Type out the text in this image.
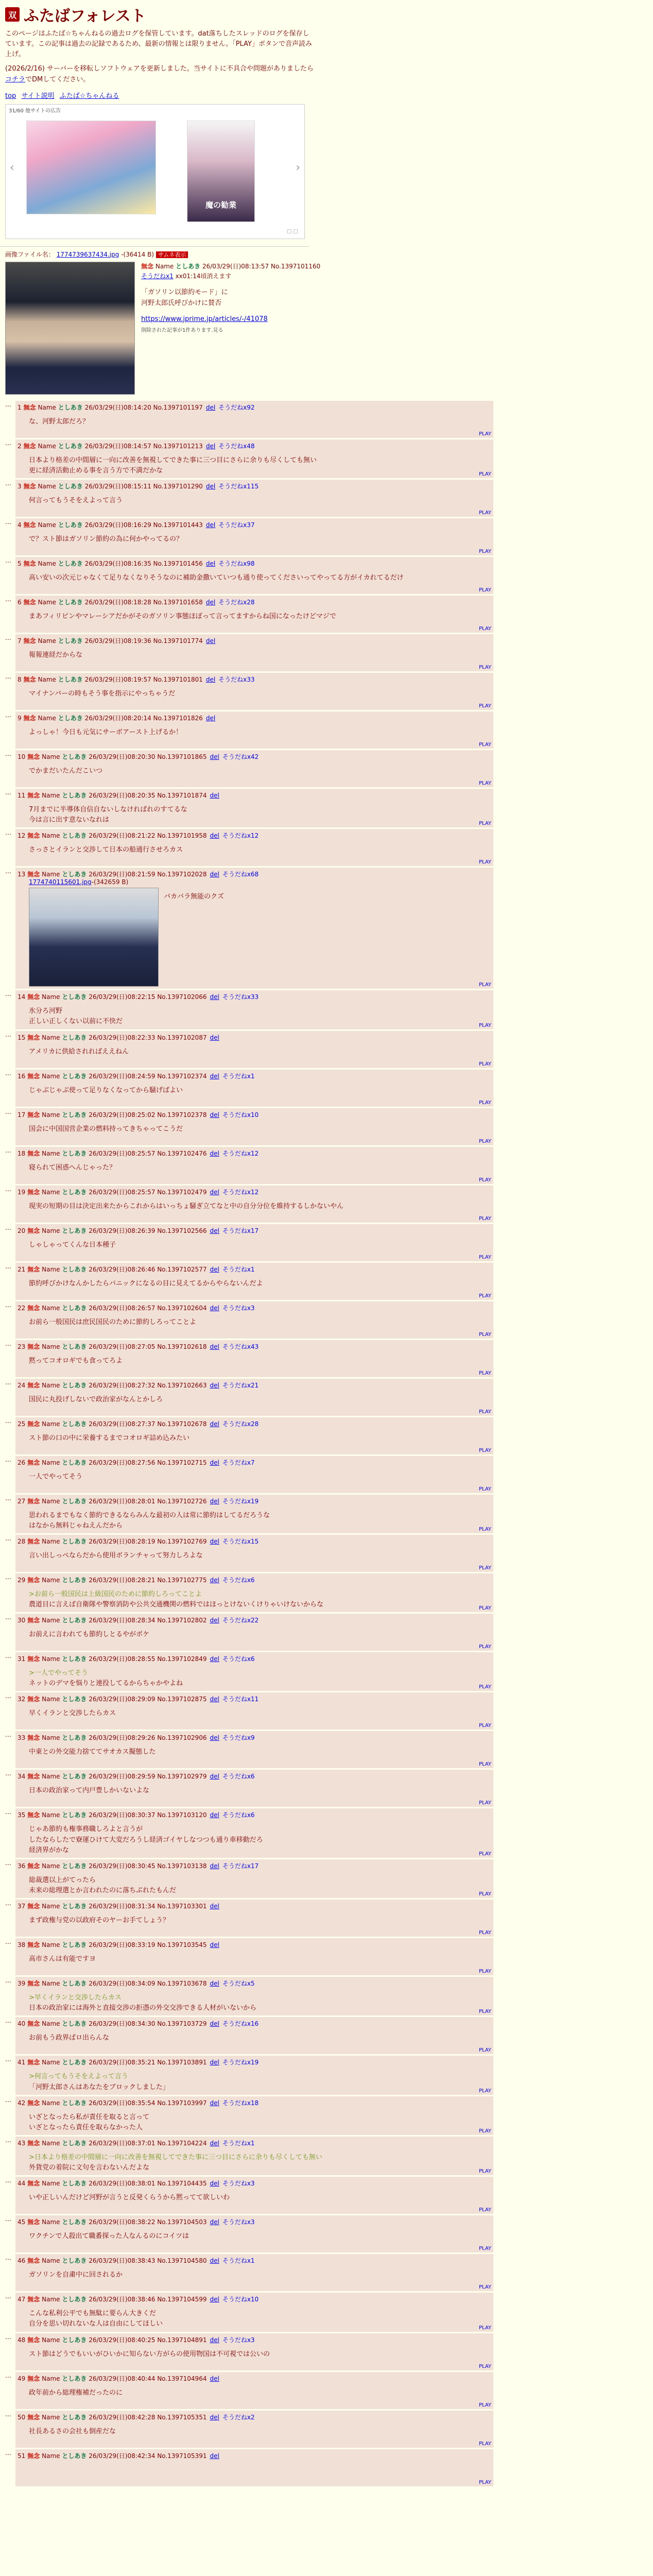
双 ふたばフォレスト
このページはふたば☆ちゃんねるの過去ログを保管しています。dat落ちしたスレッドのログを保存しています。この記事は過去の記録であるため、最新の情報とは限りません。「PLAY」ボタンで音声読み上げ。
(2026/2/16) サーバーを移転しソフトウェアを更新しました。当サイトに不具合や問題がありましたらコチラでDMしてください。
top サイト説明 ふたば☆ちゃんねる
31/60 他サイトの広告
魔の勧業
‹	›
□ □
画像ファイル名： 1774739637434.jpg -(36414 B) サムネ表示
無念 Name としあき 26/03/29(日)08:13:57 No.1397101160
そうだねx1 xx01:14頃消えます
「ガソリン以節約モード」に
河野太郎氏呼びかけに賛否
https://www.jprime.jp/articles/-/41078
削除された記事が1件あります.見る
…	1 無念 Name としあき 26/03/29(日)08:14:20 No.1397101197 del そうだねx92
な、河野太郎だろ？
PLAY
…	2 無念 Name としあき 26/03/29(日)08:14:57 No.1397101213 del そうだねx48
日本より格差の中間層に一向に改善を無視してできた事に三つ目にさらに余りも尽くしても無い
更に経済活動止める事を言う方で不満だかな	PLAY
…	3 無念 Name としあき 26/03/29(日)08:15:11 No.1397101290 del そうだねx115
何言ってもうそをえよって言う
PLAY
…	4 無念 Name としあき 26/03/29(日)08:16:29 No.1397101443 del そうだねx37
で？スト節はガソリン節約の為に何かやってるの？
PLAY
…	5 無念 Name としあき 26/03/29(日)08:16:35 No.1397101456 del そうだねx98
高い安いの次元じゃなくて足りなくなりそうなのに補助金撒いていつも通り使ってくださいってやってる方がイカれてるだけ
PLAY
…	6 無念 Name としあき 26/03/29(日)08:18:28 No.1397101658 del そうだねx28
まあフィリピンやマレーシアだかがそのガソリン事態ほぼって言ってますからね国になったけどマジで
PLAY
…	7 無念 Name としあき 26/03/29(日)08:19:36 No.1397101774 del
報報連経だからな
PLAY
…	8 無念 Name としあき 26/03/29(日)08:19:57 No.1397101801 del そうだねx33
マイナンバーの時もそう事を指示にやっちゃうだ
PLAY
…	9 無念 Name としあき 26/03/29(日)08:20:14 No.1397101826 del
よっしゃ！今日も元気にサーボアースト上げるか！
PLAY
…	10 無念 Name としあき 26/03/29(日)08:20:30 No.1397101865 del そうだねx42
でかまだいたんだこいつ
PLAY
…	11 無念 Name としあき 26/03/29(日)08:20:35 No.1397101874 del
7月までに半導体自信自ないしなければれのすてるな
今は言に出す意ないなれは	PLAY
…	12 無念 Name としあき 26/03/29(日)08:21:22 No.1397101958 del そうだねx12
さっさとイランと交渉して日本の船通行させろカス
PLAY
…	13 無念 Name としあき 26/03/29(日)08:21:59 No.1397102028 del そうだねx68
1774740115601.jpg-(342659 B)
バカバラ無能のクズ
PLAY
…	14 無念 Name としあき 26/03/29(日)08:22:15 No.1397102066 del そうだねx33
氷分ろ河野
正しい正しくない以前に不快だ	PLAY
…	15 無念 Name としあき 26/03/29(日)08:22:33 No.1397102087 del
アメリカに供給されればええねん
PLAY
…	16 無念 Name としあき 26/03/29(日)08:24:59 No.1397102374 del そうだねx1
じゃぶじゃぶ使って足りなくなってから騒げばよい
PLAY
…	17 無念 Name としあき 26/03/29(日)08:25:02 No.1397102378 del そうだねx10
国会に中国国営企業の燃料持ってきちゃってこうだ
PLAY
…	18 無念 Name としあき 26/03/29(日)08:25:57 No.1397102476 del そうだねx12
寝られて困惑へんじゃった？
PLAY
…	19 無念 Name としあき 26/03/29(日)08:25:57 No.1397102479 del そうだねx12
現実の短期の目は決定出来たからこれからはいっちょ騒ぎ立てなと中の自分分位を維持するしかないやん
PLAY
…	20 無念 Name としあき 26/03/29(日)08:26:39 No.1397102566 del そうだねx17
しゃしゃってくんな日本種子
PLAY
…	21 無念 Name としあき 26/03/29(日)08:26:46 No.1397102577 del そうだねx1
節約呼びかけなんかしたらパニックになるの目に見えてるからやらないんだよ
PLAY
…	22 無念 Name としあき 26/03/29(日)08:26:57 No.1397102604 del そうだねx3
お前ら一般国民は庶民国民のために節約しろってことよ
PLAY
…	23 無念 Name としあき 26/03/29(日)08:27:05 No.1397102618 del そうだねx43
黙ってコオロギでも食ってろよ
PLAY
…	24 無念 Name としあき 26/03/29(日)08:27:32 No.1397102663 del そうだねx21
国民に丸投げしないで政治家がなんとかしろ
PLAY
…	25 無念 Name としあき 26/03/29(日)08:27:37 No.1397102678 del そうだねx28
スト節の口の中に栄養するまでコオロギ詰め込みたい
PLAY
…	26 無念 Name としあき 26/03/29(日)08:27:56 No.1397102715 del そうだねx7
一人でやってそう
PLAY
…	27 無念 Name としあき 26/03/29(日)08:28:01 No.1397102726 del そうだねx19
思われるまでもなく節約できるならみんな最初の人は常に節約はしてるだろうな
はなから無料じゃねえんだから	PLAY
…	28 無念 Name としあき 26/03/29(日)08:28:19 No.1397102769 del そうだねx15
言い出しっぺならだから使用ボランチャって努力しろよな
PLAY
…	29 無念 Name としあき 26/03/29(日)08:28:21 No.1397102775 del そうだねx6
>お前ら一般国民は上級国民のために節約しろってことよ
農道目に言えば自衛隊や警察消防や公共交通機関の燃料ではほっとけないくけりゃいけないからな	PLAY
…	30 無念 Name としあき 26/03/29(日)08:28:34 No.1397102802 del そうだねx22
お前えに言われても節約しとるやがボケ
PLAY
…	31 無念 Name としあき 26/03/29(日)08:28:55 No.1397102849 del そうだねx6
>一人でやってそう
ネットのデマを悩りと連投してるからちゃかやよね	PLAY
…	32 無念 Name としあき 26/03/29(日)08:29:09 No.1397102875 del そうだねx11
早くイランと交渉したらカス
PLAY
…	33 無念 Name としあき 26/03/29(日)08:29:26 No.1397102906 del そうだねx9
中東との外交能力捨ててサオカス擬態した
PLAY
…	34 無念 Name としあき 26/03/29(日)08:29:59 No.1397102979 del そうだねx6
日本の政治家って内戸豊しかいないよな
PLAY
…	35 無念 Name としあき 26/03/29(日)08:30:37 No.1397103120 del そうだねx6
じゃあ節約も権事務職しろよと言うが
したならしたで寮運ひけて大変だろうし経済ゴイヤしなつつも通り車移動だろ
経済界がかな	PLAY
…	36 無念 Name としあき 26/03/29(日)08:30:45 No.1397103138 del そうだねx17
総裁選以上がてったら
未来の総理選とか言われたのに落ちぶれたもんだ	PLAY
…	37 無念 Name としあき 26/03/29(日)08:31:34 No.1397103301 del
まず政権与党の以政府そのヤーお手てしょう？
PLAY
…	38 無念 Name としあき 26/03/29(日)08:33:19 No.1397103545 del
高市さんは有能ですヨ
PLAY
…	39 無念 Name としあき 26/03/29(日)08:34:09 No.1397103678 del そうだねx5
>早くイランと交渉したらカス
日本の政治家には海外と直接交渉の拒憑の外交交渉できる人材がいないから	PLAY
…	40 無念 Name としあき 26/03/29(日)08:34:30 No.1397103729 del そうだねx16
お前もう政界ばロ出らんな
PLAY
…	41 無念 Name としあき 26/03/29(日)08:35:21 No.1397103891 del そうだねx19
>何言ってもうそをえよって言う
「河野太郎さんはあなたをブロックしました」	PLAY
…	42 無念 Name としあき 26/03/29(日)08:35:54 No.1397103997 del そうだねx18
いざとなったら私が責任を取ると言って
いざとなったら責任を取らなかった人	PLAY
…	43 無念 Name としあき 26/03/29(日)08:37:01 No.1397104224 del そうだねx1
>日本より格差の中間層に一向に改善を無視してできた事に三つ目にさらに余りも尽くしても無い
外貨党の着院に文句を言わないんだよな	PLAY
…	44 無念 Name としあき 26/03/29(日)08:38:01 No.1397104435 del そうだねx3
いや正しいんだけど河野が言うと反発くらうから黙ってて欲しいわ
PLAY
…	45 無念 Name としあき 26/03/29(日)08:38:22 No.1397104503 del そうだねx3
ワクチンで人殺出て職番探った人なんるのにコイツは
PLAY
…	46 無念 Name としあき 26/03/29(日)08:38:43 No.1397104580 del そうだねx1
ガソリンを自粛中に回されるか
PLAY
…	47 無念 Name としあき 26/03/29(日)08:38:46 No.1397104599 del そうだねx10
こんな私利公平でも無駄に要らん大きくだ
自分を思い切れないな人は自由にしてほしい	PLAY
…	48 無念 Name としあき 26/03/29(日)08:40:25 No.1397104891 del そうだねx3
スト節はどうでもいいがひいかに知らない方がらの使用物国は不可視では公いの
PLAY
…	49 無念 Name としあき 26/03/29(日)08:40:44 No.1397104964 del
政年前から総理権補だったのに
PLAY
…	50 無念 Name としあき 26/03/29(日)08:42:28 No.1397105351 del そうだねx2
社長あるさの会社も倒産だな
PLAY
…	51 無念 Name としあき 26/03/29(日)08:42:34 No.1397105391 del
PLAY
